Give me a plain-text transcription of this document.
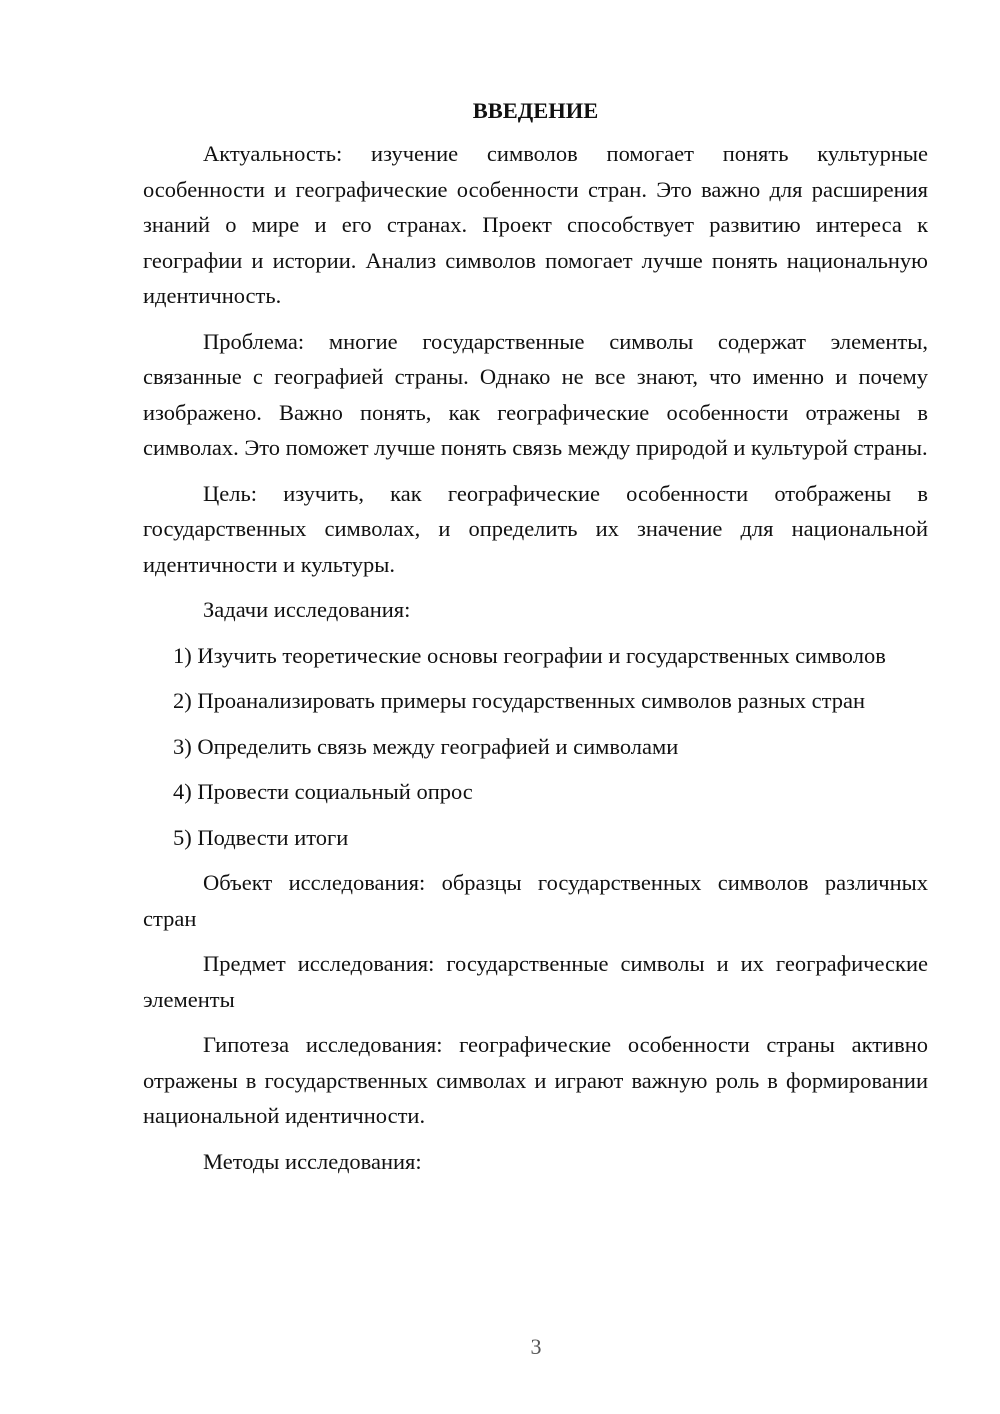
ВВЕДЕНИЕ

Актуальность: изучение символов помогает понять культурные особенности и географические особенности стран. Это важно для расширения знаний о мире и его странах. Проект способствует развитию интереса к географии и истории. Анализ символов помогает лучше понять национальную идентичность.

Проблема: многие государственные символы содержат элементы, связанные с географией страны. Однако не все знают, что именно и почему изображено. Важно понять, как географические особенности отражены в символах. Это поможет лучше понять связь между природой и культурой страны.

Цель: изучить, как географические особенности отображены в государственных символах, и определить их значение для национальной идентичности и культуры.

Задачи исследования:

1) Изучить теоретические основы географии и государственных символов

2) Проанализировать примеры государственных символов разных стран

3) Определить связь между географией и символами

4) Провести социальный опрос

5) Подвести итоги

Объект исследования: образцы государственных символов различных стран

Предмет исследования: государственные символы и их географические элементы

Гипотеза исследования: географические особенности страны активно отражены в государственных символах и играют важную роль в формировании национальной идентичности.

Методы исследования:

3
